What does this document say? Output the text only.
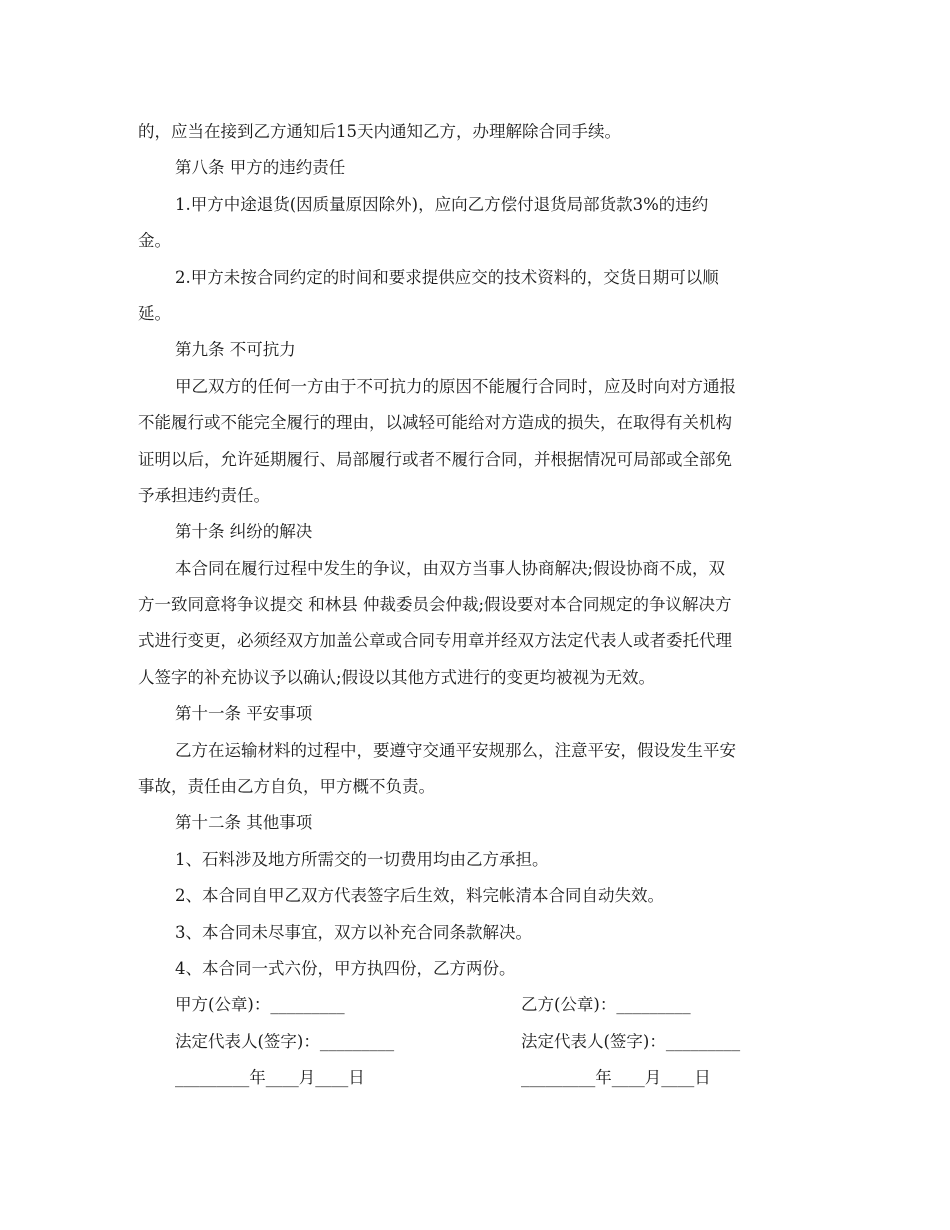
的，应当在接到乙方通知后15天内通知乙方，办理解除合同手续。
第八条 甲方的违约责任
1.甲方中途退货(因质量原因除外)，应向乙方偿付退货局部货款3%的违约
金。
2.甲方未按合同约定的时间和要求提供应交的技术资料的，交货日期可以顺
延。
第九条 不可抗力
甲乙双方的任何一方由于不可抗力的原因不能履行合同时，应及时向对方通报
不能履行或不能完全履行的理由，以减轻可能给对方造成的损失，在取得有关机构
证明以后，允许延期履行、局部履行或者不履行合同，并根据情况可局部或全部免
予承担违约责任。
第十条 纠纷的解决
本合同在履行过程中发生的争议，由双方当事人协商解决;假设协商不成，双
方一致同意将争议提交 和林县 仲裁委员会仲裁;假设要对本合同规定的争议解决方
式进行变更，必须经双方加盖公章或合同专用章并经双方法定代表人或者委托代理
人签字的补充协议予以确认;假设以其他方式进行的变更均被视为无效。
第十一条 平安事项
乙方在运输材料的过程中，要遵守交通平安规那么，注意平安，假设发生平安
事故，责任由乙方自负，甲方概不负责。
第十二条 其他事项
1、石料涉及地方所需交的一切费用均由乙方承担。
2、本合同自甲乙双方代表签字后生效，料完帐清本合同自动失效。
3、本合同未尽事宜，双方以补充合同条款解决。
4、本合同一式六份，甲方执四份，乙方两份。
甲方(公章)：_________	乙方(公章)：_________
法定代表人(签字)：_________	法定代表人(签字)：_________
_________年____月____日	_________年____月____日
